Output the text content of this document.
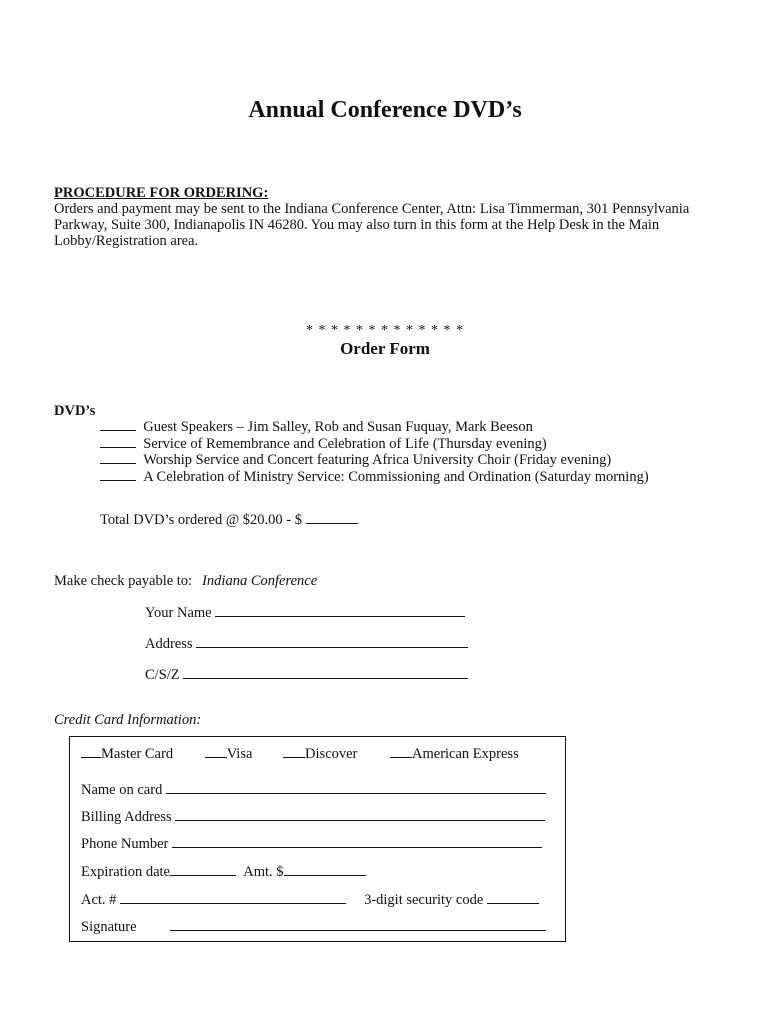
Annual Conference DVD’s
PROCEDURE FOR ORDERING:
Orders and payment may be sent to the Indiana Conference Center, Attn: Lisa Timmerman, 301 Pennsylvania Parkway, Suite 300, Indianapolis IN 46280. You may also turn in this form at the Help Desk in the Main Lobby/Registration area.
* * * * * * * * * * * * *
Order Form
DVD’s
Guest Speakers – Jim Salley, Rob and Susan Fuquay, Mark Beeson
Service of Remembrance and Celebration of Life (Thursday evening)
Worship Service and Concert featuring Africa University Choir (Friday evening)
A Celebration of Ministry Service: Commissioning and Ordination (Saturday morning)
Total DVD’s ordered @ $20.00 - $
Make check payable to: Indiana Conference
Your Name
Address
C/S/Z
Credit Card Information:
Master Card	Visa	Discover	American Express
Name on card
Billing Address
Phone Number
Expiration date	Amt. $
Act. #	3-digit security code
Signature
